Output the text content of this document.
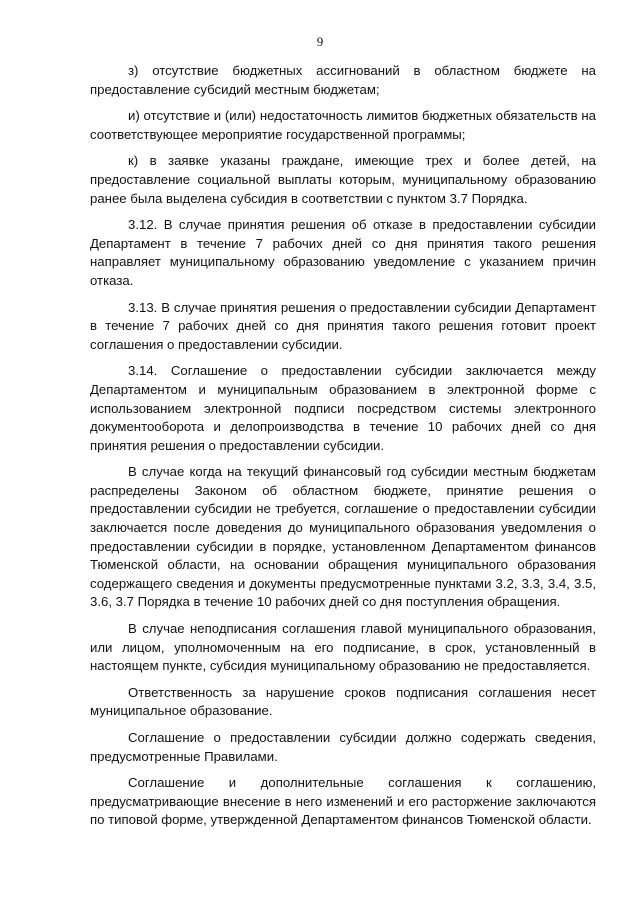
9

з) отсутствие бюджетных ассигнований в областном бюджете на предоставление субсидий местным бюджетам;

и) отсутствие и (или) недостаточность лимитов бюджетных обязательств на соответствующее мероприятие государственной программы;

к) в заявке указаны граждане, имеющие трех и более детей, на предоставление социальной выплаты которым, муниципальному образованию ранее была выделена субсидия в соответствии с пунктом 3.7 Порядка.

3.12. В случае принятия решения об отказе в предоставлении субсидии Департамент в течение 7 рабочих дней со дня принятия такого решения направляет муниципальному образованию уведомление с указанием причин отказа.

3.13. В случае принятия решения о предоставлении субсидии Департамент в течение 7 рабочих дней со дня принятия такого решения готовит проект соглашения о предоставлении субсидии.

3.14. Соглашение о предоставлении субсидии заключается между Департаментом и муниципальным образованием в электронной форме с использованием электронной подписи посредством системы электронного документооборота и делопроизводства в течение 10 рабочих дней со дня принятия решения о предоставлении субсидии.

В случае когда на текущий финансовый год субсидии местным бюджетам распределены Законом об областном бюджете, принятие решения о предоставлении субсидии не требуется, соглашение о предоставлении субсидии заключается после доведения до муниципального образования уведомления о предоставлении субсидии в порядке, установленном Департаментом финансов Тюменской области, на основании обращения муниципального образования содержащего сведения и документы предусмотренные пунктами 3.2, 3.3, 3.4, 3.5, 3.6, 3.7 Порядка в течение 10 рабочих дней со дня поступления обращения.

В случае неподписания соглашения главой муниципального образования, или лицом, уполномоченным на его подписание, в срок, установленный в настоящем пункте, субсидия муниципальному образованию не предоставляется.

Ответственность за нарушение сроков подписания соглашения несет муниципальное образование.

Соглашение о предоставлении субсидии должно содержать сведения, предусмотренные Правилами.

Соглашение и дополнительные соглашения к соглашению, предусматривающие внесение в него изменений и его расторжение заключаются по типовой форме, утвержденной Департаментом финансов Тюменской области.
